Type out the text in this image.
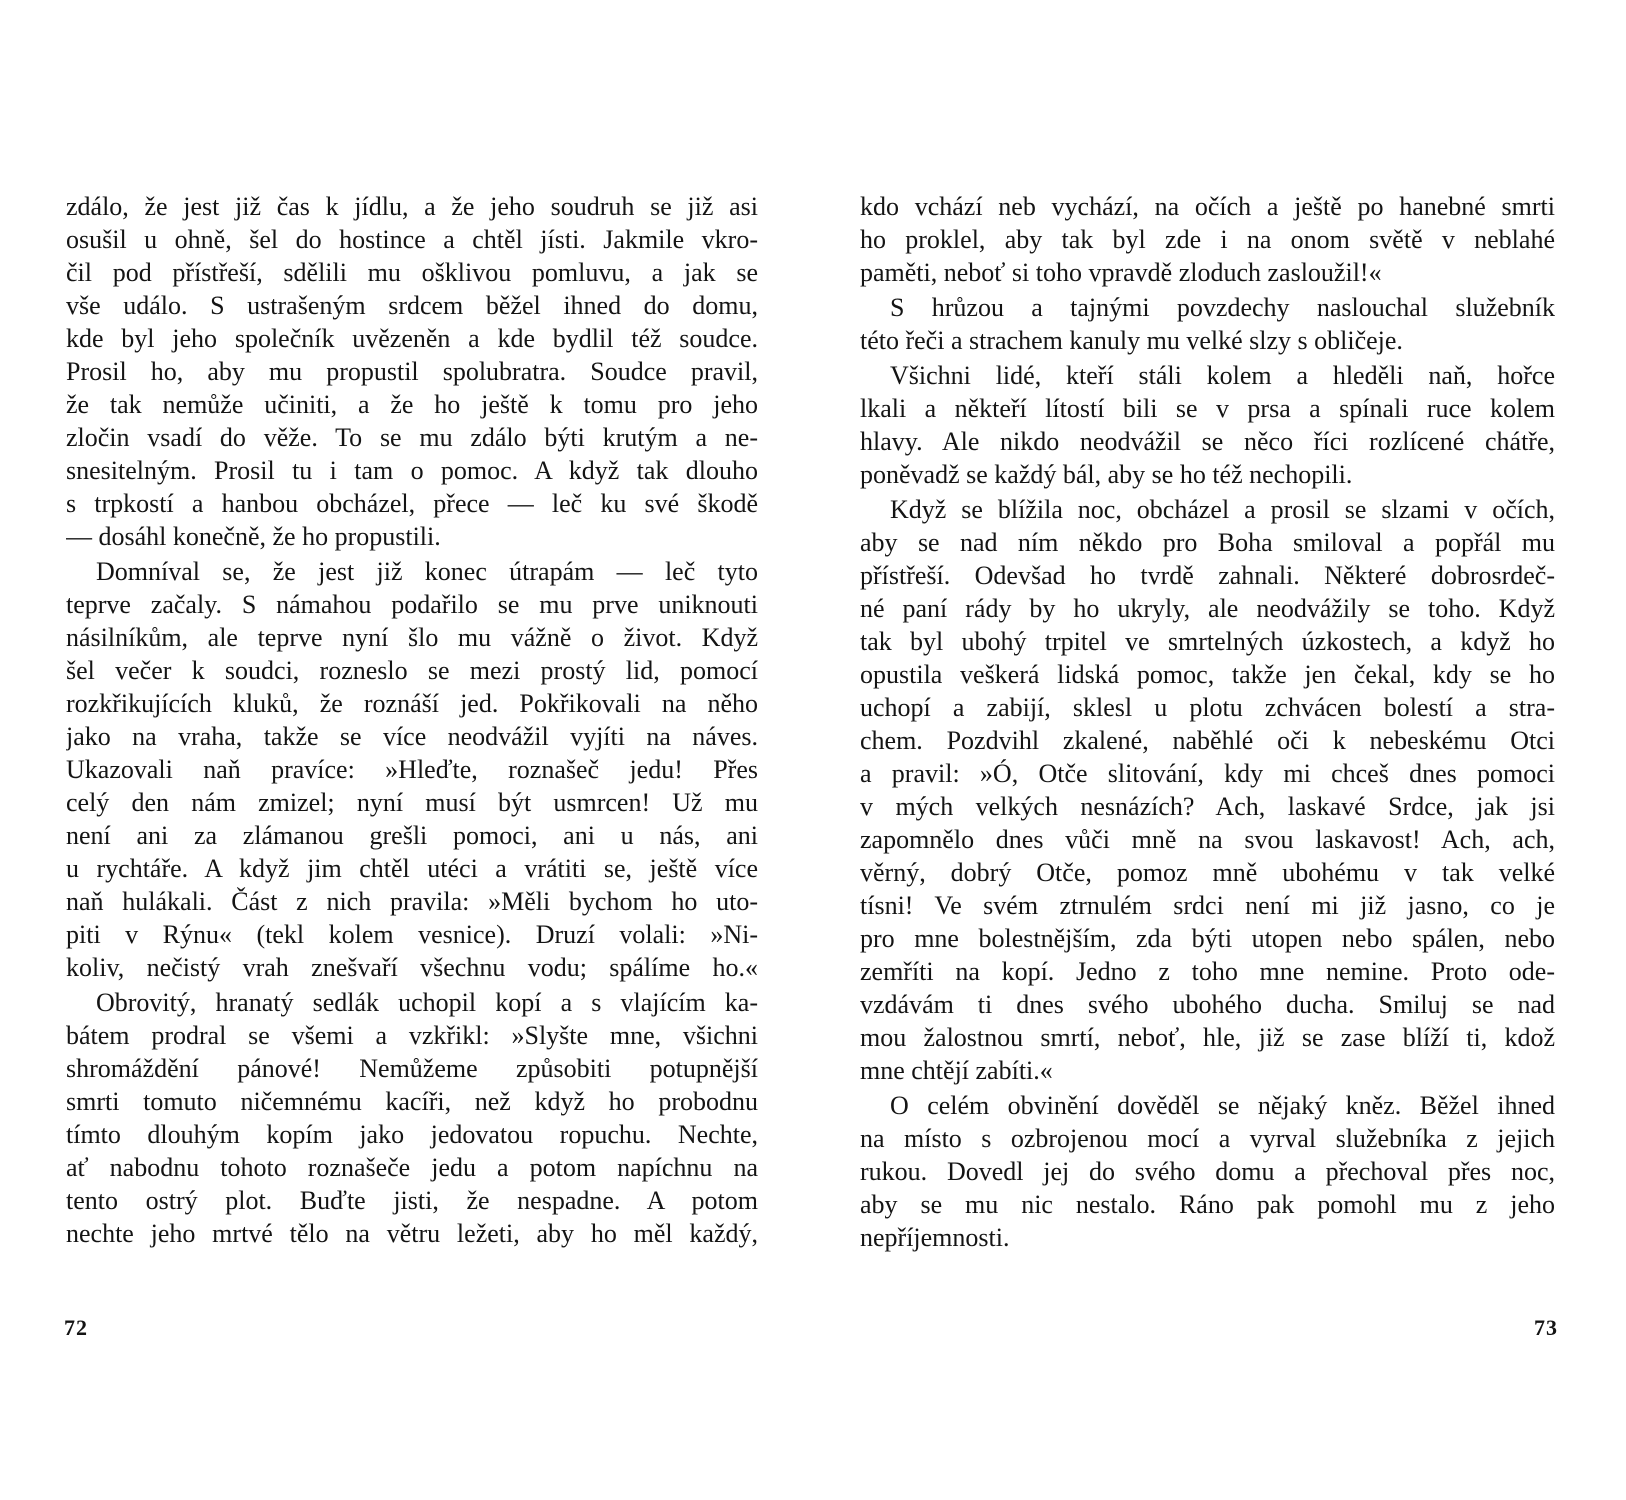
zdálo, že jest již čas k jídlu, a že jeho soudruh se již asi
osušil u ohně, šel do hostince a chtěl jísti. Jakmile vkro-
čil pod přístřeší, sdělili mu ošklivou pomluvu, a jak se
vše událo. S ustrašeným srdcem běžel ihned do domu,
kde byl jeho společník uvězeněn a kde bydlil též soudce.
Prosil ho, aby mu propustil spolubratra. Soudce pravil,
že tak nemůže učiniti, a že ho ještě k tomu pro jeho
zločin vsadí do věže. To se mu zdálo býti krutým a ne-
snesitelným. Prosil tu i tam o pomoc. A když tak dlouho
s trpkostí a hanbou obcházel, přece — leč ku své škodě
— dosáhl konečně, že ho propustili.
Domníval se, že jest již konec útrapám — leč tyto
teprve začaly. S námahou podařilo se mu prve uniknouti
násilníkům, ale teprve nyní šlo mu vážně o život. Když
šel večer k soudci, rozneslo se mezi prostý lid, pomocí
rozkřikujících kluků, že roznáší jed. Pokřikovali na něho
jako na vraha, takže se více neodvážil vyjíti na náves.
Ukazovali naň pravíce: »Hleďte, roznašeč jedu! Přes
celý den nám zmizel; nyní musí být usmrcen! Už mu
není ani za zlámanou grešli pomoci, ani u nás, ani
u rychtáře. A když jim chtěl utéci a vrátiti se, ještě více
naň hulákali. Část z nich pravila: »Měli bychom ho uto-
piti v Rýnu« (tekl kolem vesnice). Druzí volali: »Ni-
koliv, nečistý vrah znešvaří všechnu vodu; spálíme ho.«
Obrovitý, hranatý sedlák uchopil kopí a s vlajícím ka-
bátem prodral se všemi a vzkřikl: »Slyšte mne, všichni
shromáždění pánové! Nemůžeme způsobiti potupnější
smrti tomuto ničemnému kacíři, než když ho probodnu
tímto dlouhým kopím jako jedovatou ropuchu. Nechte,
ať nabodnu tohoto roznašeče jedu a potom napíchnu na
tento ostrý plot. Buďte jisti, že nespadne. A potom
nechte jeho mrtvé tělo na větru ležeti, aby ho měl každý,
72
kdo vchází neb vychází, na očích a ještě po hanebné smrti
ho proklel, aby tak byl zde i na onom světě v neblahé
paměti, neboť si toho vpravdě zloduch zasloužil!«
S hrůzou a tajnými povzdechy naslouchal služebník
této řeči a strachem kanuly mu velké slzy s obličeje.
Všichni lidé, kteří stáli kolem a hleděli naň, hořce
lkali a někteří lítostí bili se v prsa a spínali ruce kolem
hlavy. Ale nikdo neodvážil se něco říci rozlícené chátře,
poněvadž se každý bál, aby se ho též nechopili.
Když se blížila noc, obcházel a prosil se slzami v očích,
aby se nad ním někdo pro Boha smiloval a popřál mu
přístřeší. Odevšad ho tvrdě zahnali. Některé dobrosrdeč-
né paní rády by ho ukryly, ale neodvážily se toho. Když
tak byl ubohý trpitel ve smrtelných úzkostech, a když ho
opustila veškerá lidská pomoc, takže jen čekal, kdy se ho
uchopí a zabijí, sklesl u plotu zchvácen bolestí a stra-
chem. Pozdvihl zkalené, naběhlé oči k nebeskému Otci
a pravil: »Ó, Otče slitování, kdy mi chceš dnes pomoci
v mých velkých nesnázích? Ach, laskavé Srdce, jak jsi
zapomnělo dnes vůči mně na svou laskavost! Ach, ach,
věrný, dobrý Otče, pomoz mně ubohému v tak velké
tísni! Ve svém ztrnulém srdci není mi již jasno, co je
pro mne bolestnějším, zda býti utopen nebo spálen, nebo
zemříti na kopí. Jedno z toho mne nemine. Proto ode-
vzdávám ti dnes svého ubohého ducha. Smiluj se nad
mou žalostnou smrtí, neboť, hle, již se zase blíží ti, kdož
mne chtějí zabíti.«
O celém obvinění dověděl se nějaký kněz. Běžel ihned
na místo s ozbrojenou mocí a vyrval služebníka z jejich
rukou. Dovedl jej do svého domu a přechoval přes noc,
aby se mu nic nestalo. Ráno pak pomohl mu z jeho
nepříjemnosti.
73
